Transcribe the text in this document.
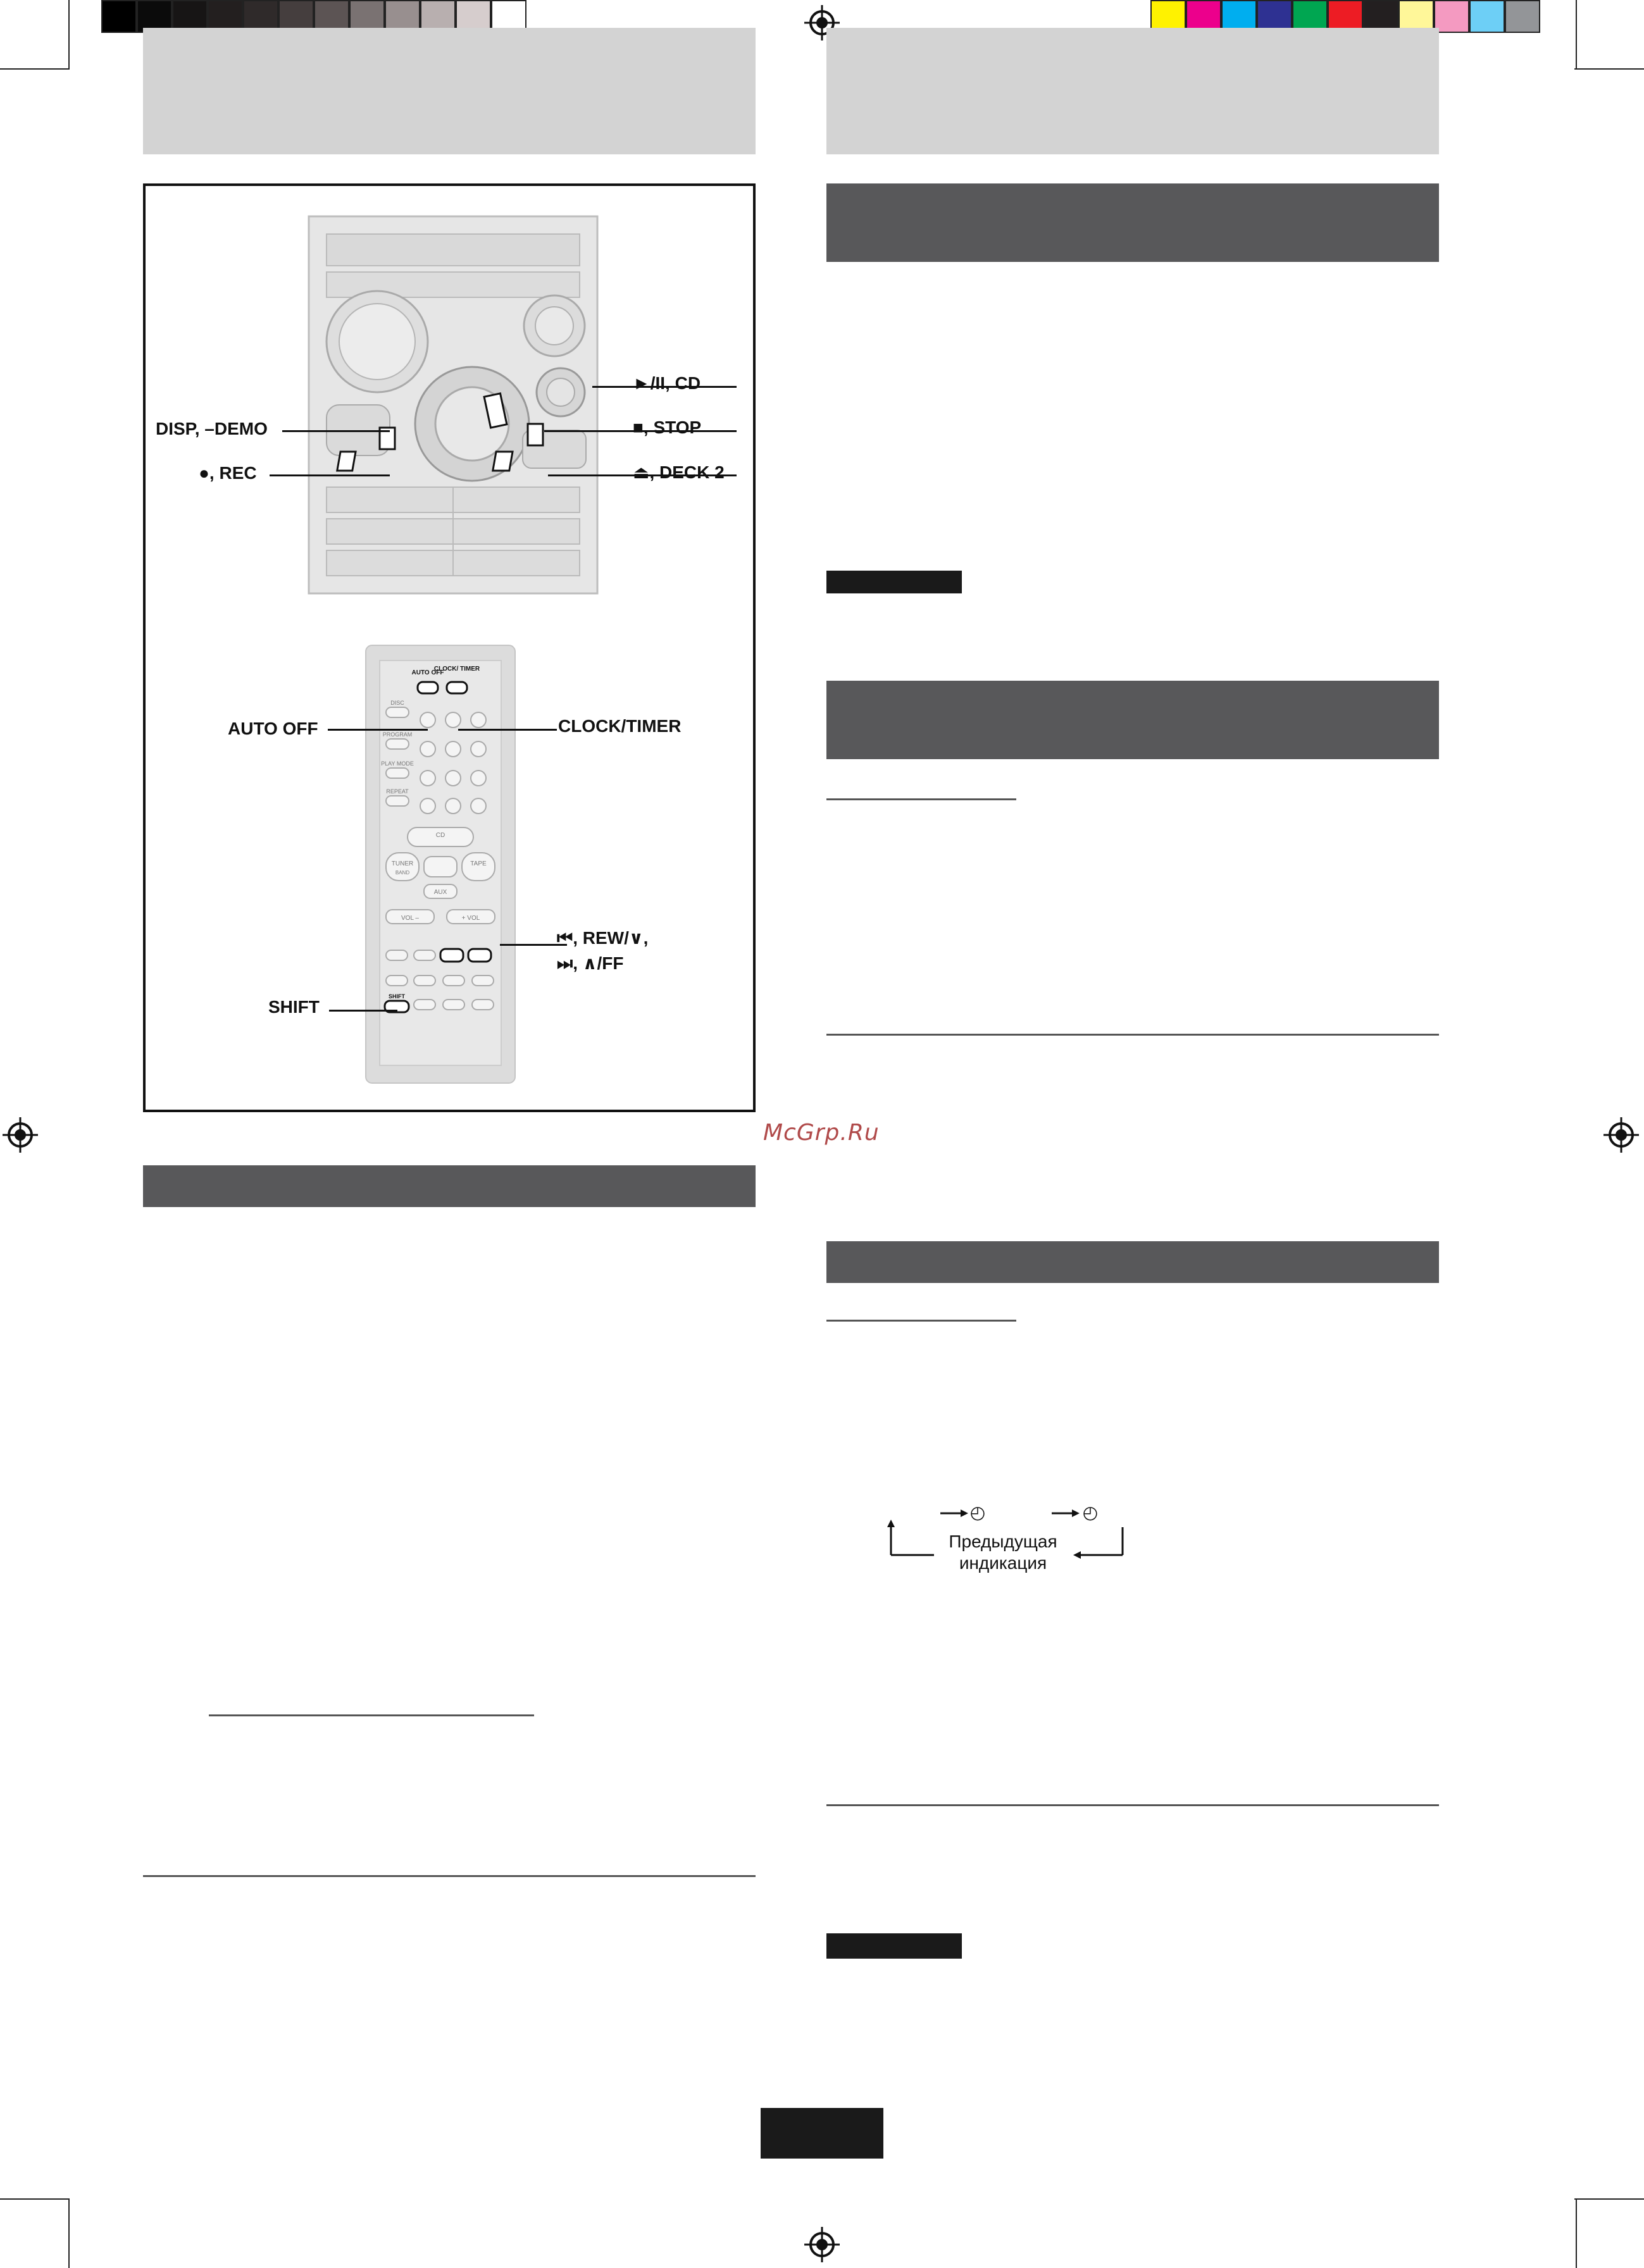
AUTO OFF
CLOCK/ TIMER
DISC
PROGRAM
PLAY MODE
REPEAT
CD
TUNER
BAND
TAPE
AUX
VOL –	+ VOL
SHIFT
►/II, CD
DISP, –DEMO	■, STOP
●, REC	⏏, DECK 2
AUTO OFF	CLOCK/TIMER
⏮, REW/∨,
⏭, ∧/FF
SHIFT
McGrp.Ru
◴	◴
Предыдущая
индикация
